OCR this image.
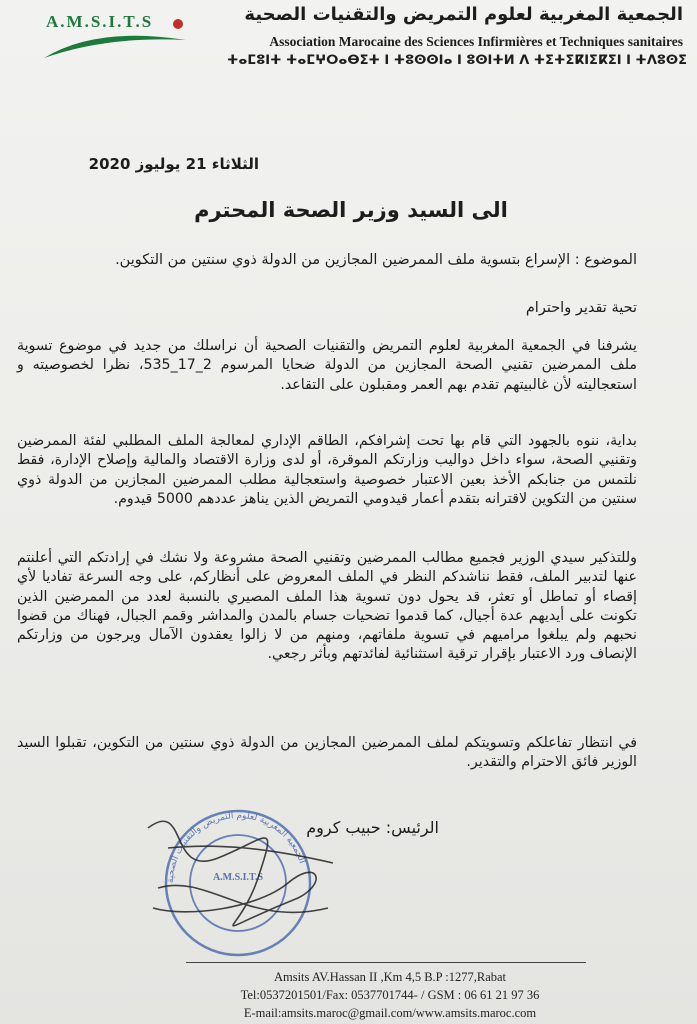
A.M.S.I.T.S	الجمعية المغربية لعلوم التمريض والتقنيات الصحية
Association Marocaine des Sciences Infirmières et Techniques sanitaires
ⵜⴰⵎⵓⵏⵜ ⵜⴰⵎⵖⵔⴰⴱⵉⵜ ⵏ ⵜⵓⵙⵙⵏⴰ ⵏ ⵓⵙⵏⵜⵍ ⴷ ⵜⵉⵜⵉⴽⵏⵉⴽⵉⵏ ⵏ ⵜⴷⵓⵙⵉ
الثلاثاء 21 يوليوز 2020
الى السيد وزير الصحة المحترم
الموضوع : الإسراع بتسوية ملف الممرضين المجازين من الدولة ذوي سنتين من التكوين.
تحية تقدير واحترام
يشرفنا في الجمعية المغربية لعلوم التمريض والتقنيات الصحية أن نراسلك من جديد في موضوع تسوية ملف الممرضين تقنيي الصحة المجازين من الدولة ضحايا المرسوم 2_17_535، نظرا لخصوصيته و استعجاليته لأن غالبيتهم تقدم بهم العمر ومقبلون على التقاعد.
بداية، ننوه بالجهود التي قام بها تحت إشرافكم، الطاقم الإداري لمعالجة الملف المطلبي لفئة الممرضين وتقنيي الصحة، سواء داخل دواليب وزارتكم الموقرة، أو لدى وزارة الاقتصاد والمالية وإصلاح الإدارة، فقط نلتمس من جنابكم الأخذ بعين الاعتبار خصوصية واستعجالية مطلب الممرضين المجازين من الدولة ذوي سنتين من التكوين لاقترانه بتقدم أعمار قيدومي التمريض الذين يناهز عددهم 5000 قيدوم.
وللتذكير سيدي الوزير فجميع مطالب الممرضين وتقنيي الصحة مشروعة ولا نشك في إرادتكم التي أعلنتم عنها لتدبير الملف، فقط نناشدكم النظر في الملف المعروض على أنظاركم، على وجه السرعة تفاديا لأي إقصاء أو تماطل أو تعثر، قد يحول دون تسوية هذا الملف المصيري بالنسبة لعدد من الممرضين الذين تكونت على أيديهم عدة أجيال، كما قدموا تضحيات جسام بالمدن والمداشر وقمم الجبال، فهناك من قضوا نحبهم ولم يبلغوا مراميهم في تسوية ملفاتهم، ومنهم من لا زالوا يعقدون الآمال ويرجون من وزارتكم الإنصاف ورد الاعتبار بإقرار ترقية استثنائية لفائدتهم وبأثر رجعي.
في انتظار تفاعلكم وتسويتكم لملف الممرضين المجازين من الدولة ذوي سنتين من التكوين، تقبلوا السيد الوزير فائق الاحترام والتقدير.
الرئيس: حبيب كروم
الجمعية المغربية لعلوم التمريض والتقنيات الصحية
A.M.S.I.T.S
Amsits AV.Hassan II ,Km 4,5 B.P :1277,Rabat
Tel:0537201501/Fax: 0537701744- / GSM : 06 61 21 97 36
E-mail:amsits.maroc@gmail.com/www.amsits.maroc.com
